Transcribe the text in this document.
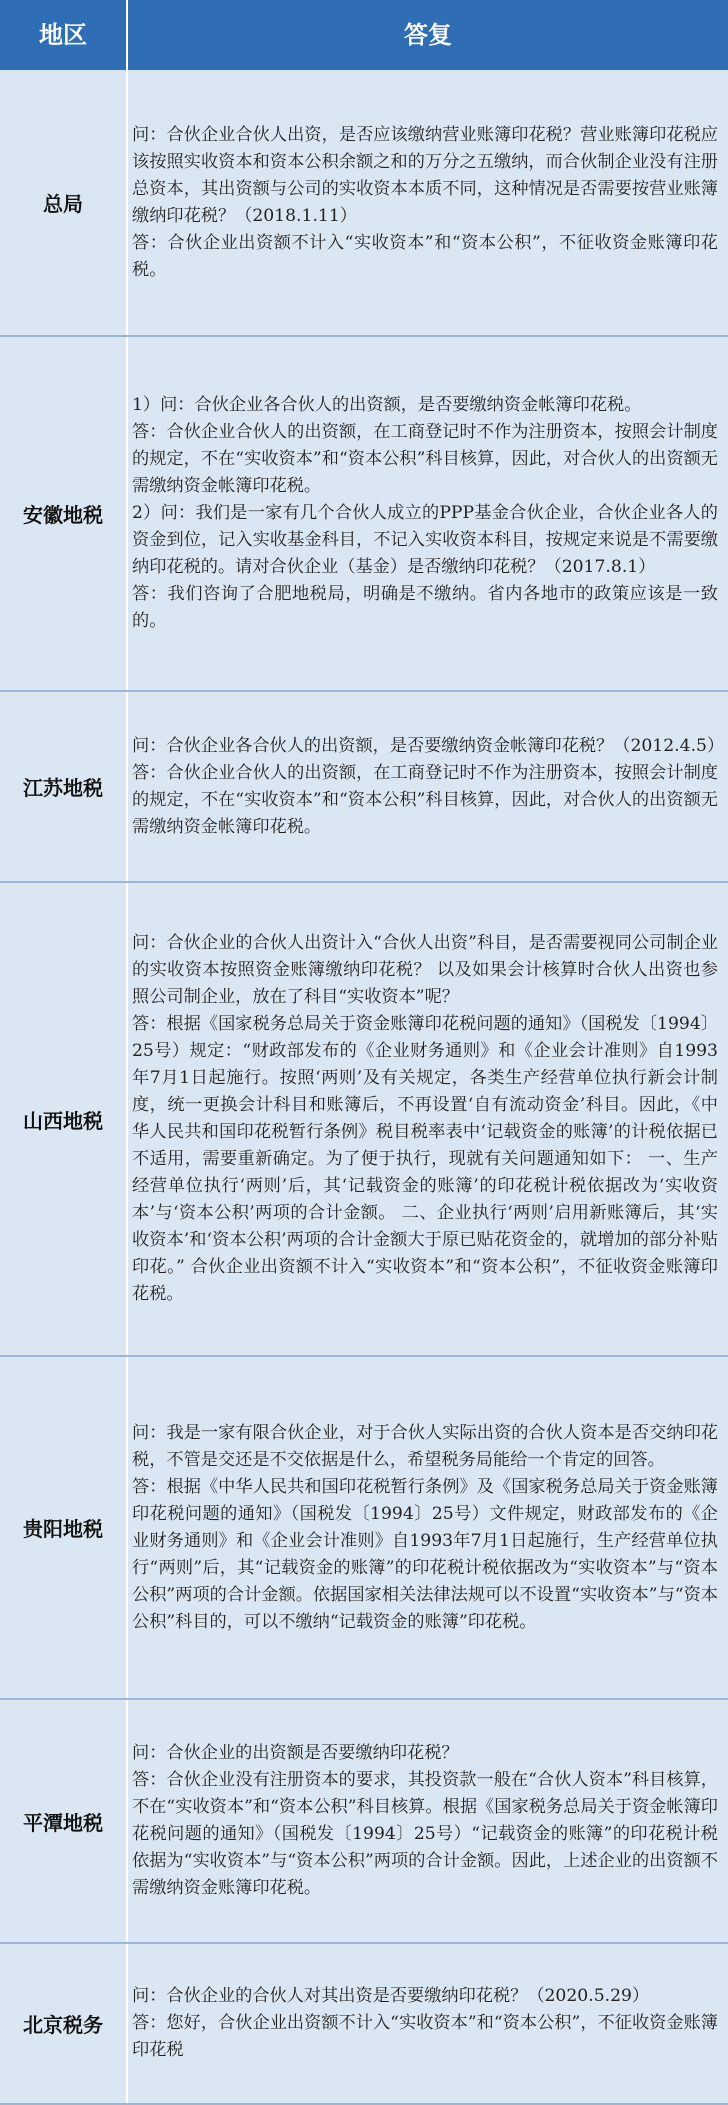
地区	答复
总局

问：合伙企业合伙人出资，是否应该缴纳营业账簿印花税？营业账簿印花税应该按照实收资本和资本公积余额之和的万分之五缴纳，而合伙制企业没有注册总资本，其出资额与公司的实收资本本质不同，这种情况是否需要按营业账簿缴纳印花税？（2018.1.11）

答：合伙企业出资额不计入“实收资本”和“资本公积”，不征收资金账簿印花税。

安徽地税

1）问：合伙企业各合伙人的出资额，是否要缴纳资金帐簿印花税。

答：合伙企业合伙人的出资额，在工商登记时不作为注册资本，按照会计制度的规定，不在“实收资本”和“资本公积”科目核算，因此，对合伙人的出资额无需缴纳资金帐簿印花税。

2）问：我们是一家有几个合伙人成立的PPP基金合伙企业，合伙企业各人的资金到位，记入实收基金科目，不记入实收资本科目，按规定来说是不需要缴纳印花税的。请对合伙企业（基金）是否缴纳印花税？（2017.8.1）

答：我们咨询了合肥地税局，明确是不缴纳。省内各地市的政策应该是一致的。

江苏地税

问：合伙企业各合伙人的出资额，是否要缴纳资金帐簿印花税？（2012.4.5）

答：合伙企业合伙人的出资额，在工商登记时不作为注册资本，按照会计制度的规定，不在“实收资本”和“资本公积”科目核算，因此，对合伙人的出资额无需缴纳资金帐簿印花税。

山西地税

问：合伙企业的合伙人出资计入“合伙人出资”科目，是否需要视同公司制企业的实收资本按照资金账簿缴纳印花税？ 以及如果会计核算时合伙人出资也参照公司制企业，放在了科目“实收资本”呢？

答：根据《国家税务总局关于资金账簿印花税问题的通知》（国税发〔1994〕25号）规定：“财政部发布的《企业财务通则》和《企业会计准则》自1993年7月1日起施行。按照‘两则’及有关规定，各类生产经营单位执行新会计制度，统一更换会计科目和账簿后，不再设置‘自有流动资金’科目。因此，《中华人民共和国印花税暂行条例》税目税率表中‘记载资金的账簿’的计税依据已不适用，需要重新确定。为了便于执行，现就有关问题通知如下： 一、生产经营单位执行‘两则’后，其‘记载资金的账簿’的印花税计税依据改为‘实收资本’与‘资本公积’两项的合计金额。 二、企业执行‘两则’启用新账簿后，其‘实收资本’和‘资本公积’两项的合计金额大于原已贴花资金的，就增加的部分补贴印花。” 合伙企业出资额不计入“实收资本”和“资本公积”，不征收资金账簿印花税。

贵阳地税

问：我是一家有限合伙企业，对于合伙人实际出资的合伙人资本是否交纳印花税，不管是交还是不交依据是什么，希望税务局能给一个肯定的回答。

答：根据《中华人民共和国印花税暂行条例》及《国家税务总局关于资金账簿印花税问题的通知》（国税发〔1994〕25号）文件规定，财政部发布的《企业财务通则》和《企业会计准则》自1993年7月1日起施行，生产经营单位执行“两则”后，其“记载资金的账簿”的印花税计税依据改为“实收资本”与“资本公积”两项的合计金额。依据国家相关法律法规可以不设置“实收资本”与“资本公积”科目的，可以不缴纳“记载资金的账簿”印花税。

平潭地税

问：合伙企业的出资额是否要缴纳印花税？

答：合伙企业没有注册资本的要求，其投资款一般在“合伙人资本”科目核算，不在“实收资本”和“资本公积”科目核算。根据《国家税务总局关于资金帐簿印花税问题的通知》（国税发〔1994〕25号）“记载资金的账簿”的印花税计税依据为“实收资本”与“资本公积”两项的合计金额。因此，上述企业的出资额不需缴纳资金账簿印花税。

北京税务

问：合伙企业的合伙人对其出资是否要缴纳印花税？（2020.5.29）

答：您好，合伙企业出资额不计入“实收资本”和“资本公积”，不征收资金账簿印花税
